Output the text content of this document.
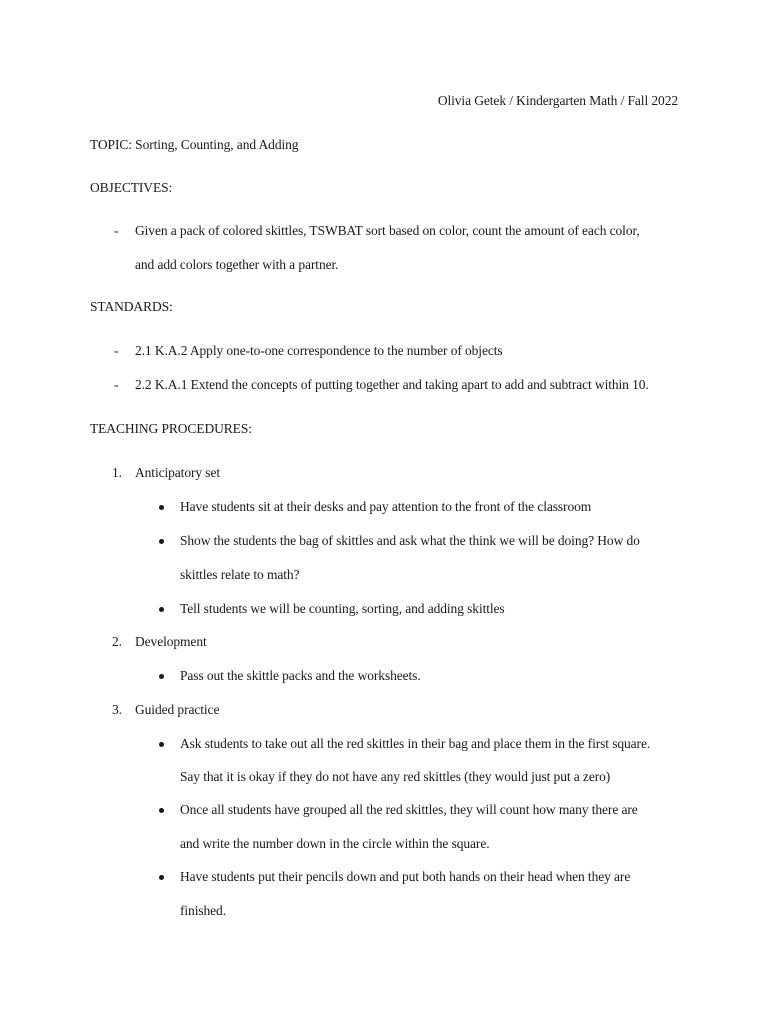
Olivia Getek / Kindergarten Math / Fall 2022
TOPIC: Sorting, Counting, and Adding
OBJECTIVES:
- Given a pack of colored skittles, TSWBAT sort based on color, count the amount of each color,
and add colors together with a partner.
STANDARDS:
- 2.1 K.A.2 Apply one-to-one correspondence to the number of objects
- 2.2 K.A.1 Extend the concepts of putting together and taking apart to add and subtract within 10.
TEACHING PROCEDURES:
1. Anticipatory set
Have students sit at their desks and pay attention to the front of the classroom
Show the students the bag of skittles and ask what the think we will be doing? How do
skittles relate to math?
Tell students we will be counting, sorting, and adding skittles
2. Development
Pass out the skittle packs and the worksheets.
3. Guided practice
Ask students to take out all the red skittles in their bag and place them in the first square.
Say that it is okay if they do not have any red skittles (they would just put a zero)
Once all students have grouped all the red skittles, they will count how many there are
and write the number down in the circle within the square.
Have students put their pencils down and put both hands on their head when they are
finished.
